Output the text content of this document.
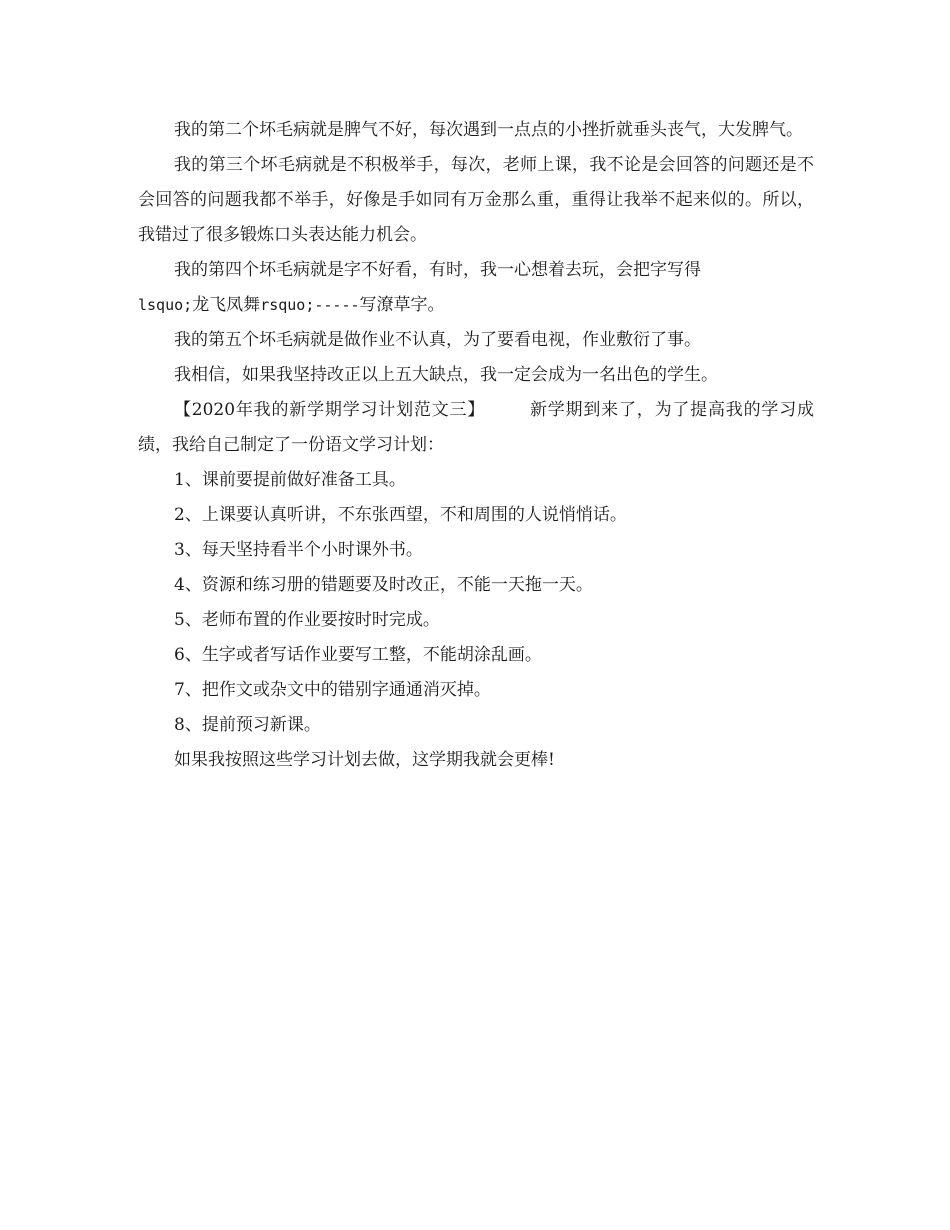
我的第二个坏毛病就是脾气不好，每次遇到一点点的小挫折就垂头丧气，大发脾气。

我的第三个坏毛病就是不积极举手，每次，老师上课，我不论是会回答的问题还是不会回答的问题我都不举手，好像是手如同有万金那么重，重得让我举不起来似的。所以，我错过了很多锻炼口头表达能力机会。

我的第四个坏毛病就是字不好看，有时，我一心想着去玩，会把字写得

lsquo;龙飞凤舞rsquo;-----写潦草字。

我的第五个坏毛病就是做作业不认真，为了要看电视，作业敷衍了事。

我相信，如果我坚持改正以上五大缺点，我一定会成为一名出色的学生。

【2020年我的新学期学习计划范文三】	新学期到来了，为了提高我的学习成绩，我给自己制定了一份语文学习计划：

1、课前要提前做好准备工具。

2、上课要认真听讲，不东张西望，不和周围的人说悄悄话。

3、每天坚持看半个小时课外书。

4、资源和练习册的错题要及时改正，不能一天拖一天。

5、老师布置的作业要按时时完成。

6、生字或者写话作业要写工整，不能胡涂乱画。

7、把作文或杂文中的错别字通通消灭掉。

8、提前预习新课。

如果我按照这些学习计划去做，这学期我就会更棒!
